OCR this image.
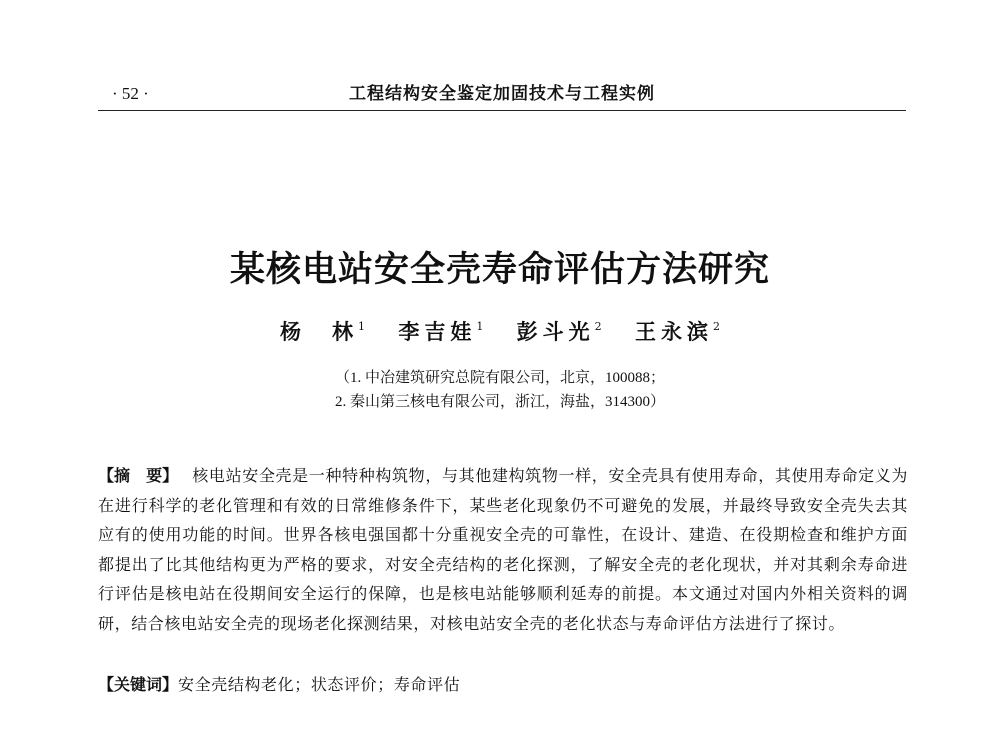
· 52 ·	工程结构安全鉴定加固技术与工程实例
某核电站安全壳寿命评估方法研究
杨　林$^1$ 李吉娃$^1$ 彭斗光$^2$ 王永滨$^2$
（1. 中冶建筑研究总院有限公司，北京，100088；
2. 秦山第三核电有限公司，浙江，海盐，314300）
【摘　要】 核电站安全壳是一种特种构筑物，与其他建构筑物一样，安全壳具有使用寿命，其使用寿命定义为在进行科学的老化管理和有效的日常维修条件下，某些老化现象仍不可避免的发展，并最终导致安全壳失去其应有的使用功能的时间。世界各核电强国都十分重视安全壳的可靠性，在设计、建造、在役期检查和维护方面都提出了比其他结构更为严格的要求，对安全壳结构的老化探测，了解安全壳的老化现状，并对其剩余寿命进行评估是核电站在役期间安全运行的保障，也是核电站能够顺利延寿的前提。本文通过对国内外相关资料的调研，结合核电站安全壳的现场老化探测结果，对核电站安全壳的老化状态与寿命评估方法进行了探讨。
【关键词】安全壳结构老化；状态评价；寿命评估
